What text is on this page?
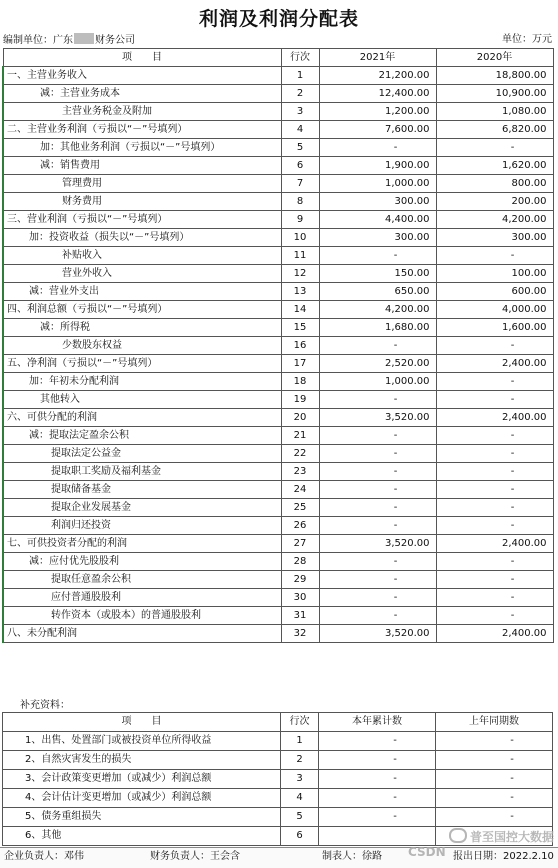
利润及利润分配表
编制单位：广东 财务公司	单位：万元
项　　目	行次	2021年	2020年
一、主营业务收入	1	21,200.00	18,800.00
减：主营业务成本	2	12,400.00	10,900.00
主营业务税金及附加	3	1,200.00	1,080.00
二、主营业务利润（亏损以“－”号填列）	4	7,600.00	6,820.00
加：其他业务利润（亏损以“－”号填列）	5	-	-
减：销售费用	6	1,900.00	1,620.00
管理费用	7	1,000.00	800.00
财务费用	8	300.00	200.00
三、营业利润（亏损以“－”号填列）	9	4,400.00	4,200.00
加：投资收益（损失以“－”号填列）	10	300.00	300.00
补贴收入	11	-	-
营业外收入	12	150.00	100.00
减：营业外支出	13	650.00	600.00
四、利润总额（亏损以“－”号填列）	14	4,200.00	4,000.00
减：所得税	15	1,680.00	1,600.00
少数股东权益	16	-	-
五、净利润（亏损以“－”号填列）	17	2,520.00	2,400.00
加：年初未分配利润	18	1,000.00	-
其他转入	19	-	-
六、可供分配的利润	20	3,520.00	2,400.00
减：提取法定盈余公积	21	-	-
提取法定公益金	22	-	-
提取职工奖励及福利基金	23	-	-
提取储备基金	24	-	-
提取企业发展基金	25	-	-
利润归还投资	26	-	-
七、可供投资者分配的利润	27	3,520.00	2,400.00
减：应付优先股股利	28	-	-
提取任意盈余公积	29	-	-
应付普通股股利	30	-	-
转作资本（或股本）的普通股股利	31	-	-
八、未分配利润	32	3,520.00	2,400.00
补充资料：
项　　目	行次	本年累计数	上年同期数
1、出售、处置部门或被投资单位所得收益	1	-	-
2、自然灾害发生的损失	2	-	-
3、会计政策变更增加（或减少）利润总额	3	-	-
4、会计估计变更增加（或减少）利润总额	4	-	-
5、债务重组损失	5	-	-
6、其他	6			普至国控大数据
企业负责人：邓伟	财务负责人：王会含	制表人：徐路	报出日期：2022.2.10
CSDN
